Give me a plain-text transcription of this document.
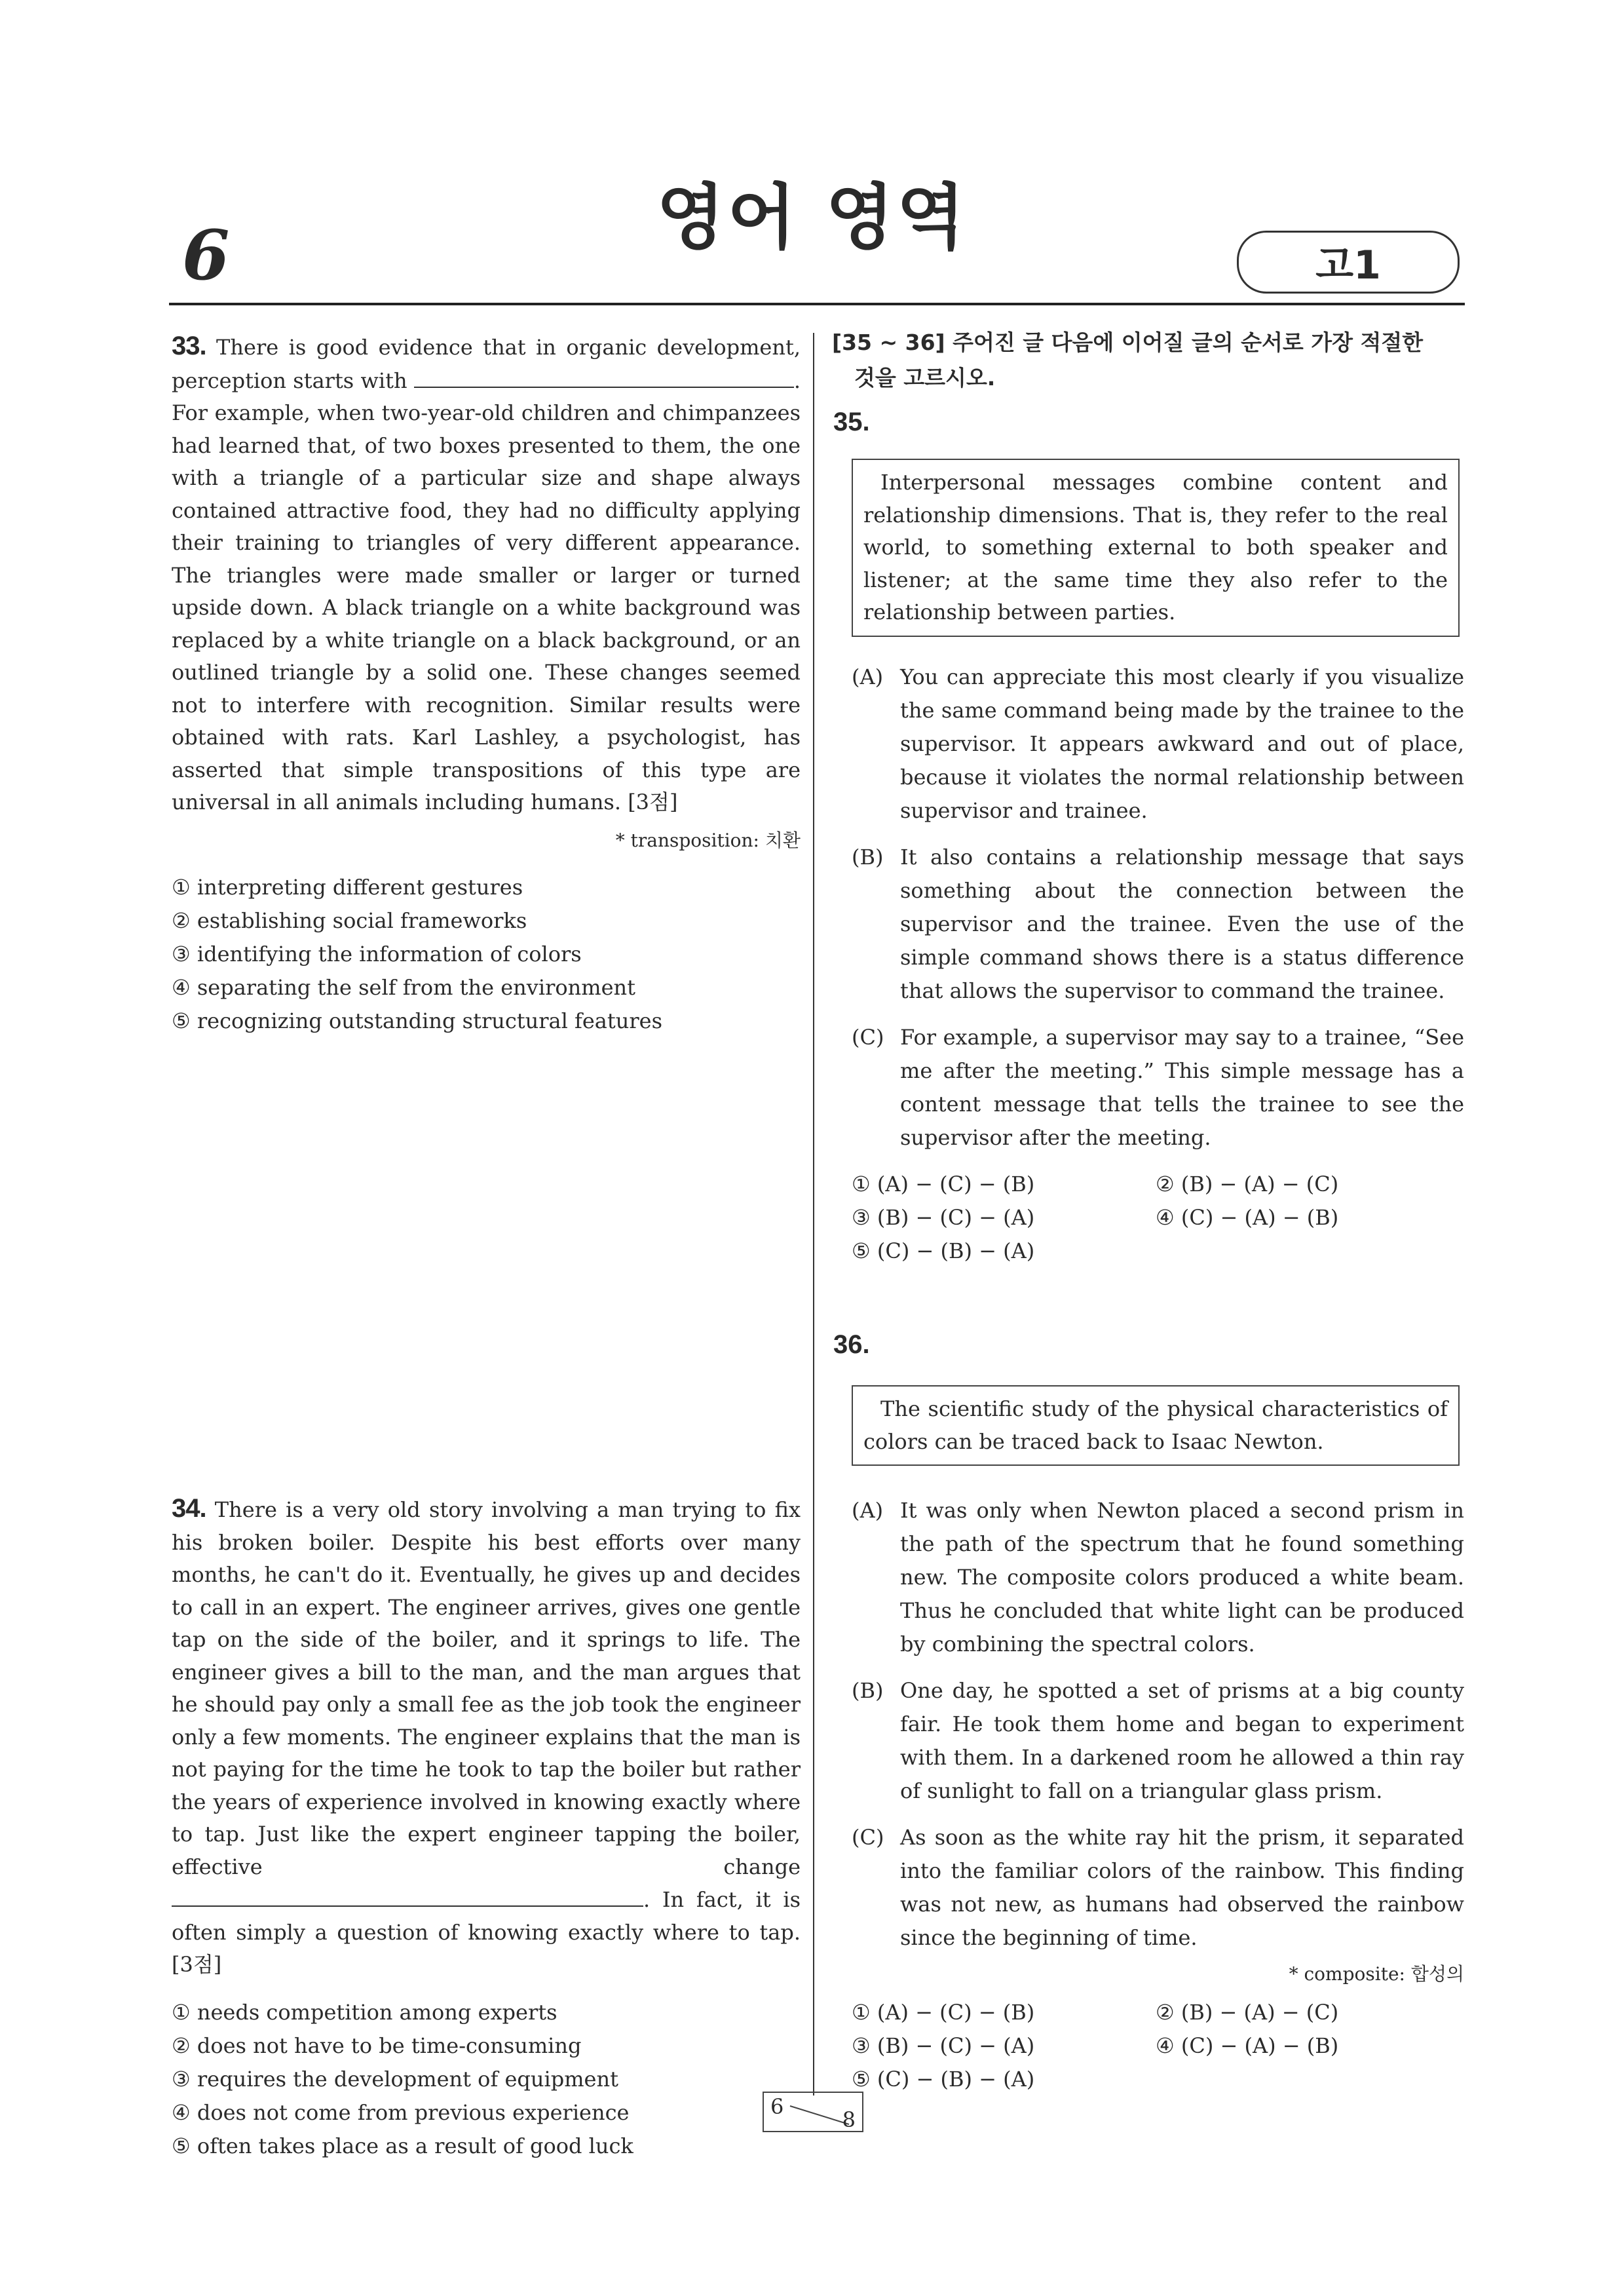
6	영어 영역
고1

33. There is good evidence that in organic development, perception starts with	. For example, when two-year-old children and chimpanzees had learned that, of two boxes presented to them, the one with a triangle of a particular size and shape always contained attractive food, they had no difficulty applying their training to triangles of very different appearance. The triangles were made smaller or larger or turned upside down. A black triangle on a white background was replaced by a white triangle on a black background, or an outlined triangle by a solid one. These changes seemed not to interfere with recognition. Similar results were obtained with rats. Karl Lashley, a psychologist, has asserted that simple transpositions of this type are universal in all animals including humans. [3점]

* transposition: 치환
① interpreting different gestures
② establishing social frameworks
③ identifying the information of colors
④ separating the self from the environment
⑤ recognizing outstanding structural features

34. There is a very old story involving a man trying to fix his broken boiler. Despite his best efforts over many months, he can't do it. Eventually, he gives up and decides to call in an expert. The engineer arrives, gives one gentle tap on the side of the boiler, and it springs to life. The engineer gives a bill to the man, and the man argues that he should pay only a small fee as the job took the engineer only a few moments. The engineer explains that the man is not paying for the time he took to tap the boiler but rather the years of experience involved in knowing exactly where to tap. Just like the expert engineer tapping the boiler, effective change . In fact, it is often simply a question of knowing exactly where to tap. [3점]

① needs competition among experts
② does not have to be time-consuming
③ requires the development of equipment
④ does not come from previous experience
⑤ often takes place as a result of good luck
[35 ~ 36] 주어진 글 다음에 이어질 글의 순서로 가장 적절한
것을 고르시오.
35.

Interpersonal messages combine content and relationship dimensions. That is, they refer to the real world, to something external to both speaker and listener; at the same time they also refer to the relationship between parties.

(A) You can appreciate this most clearly if you visualize the same command being made by the trainee to the supervisor. It appears awkward and out of place, because it violates the normal relationship between supervisor and trainee.
(B) It also contains a relationship message that says something about the connection between the supervisor and the trainee. Even the use of the simple command shows there is a status difference that allows the supervisor to command the trainee.
(C) For example, a supervisor may say to a trainee, “See me after the meeting.” This simple message has a content message that tells the trainee to see the supervisor after the meeting.
① (A) − (C) − (B)	② (B) − (A) − (C)
③ (B) − (C) − (A)	④ (C) − (A) − (B)
⑤ (C) − (B) − (A)
36.

The scientific study of the physical characteristics of colors can be traced back to Isaac Newton.

(A) It was only when Newton placed a second prism in the path of the spectrum that he found something new. The composite colors produced a white beam. Thus he concluded that white light can be produced by combining the spectral colors.
(B) One day, he spotted a set of prisms at a big county fair. He took them home and began to experiment with them. In a darkened room he allowed a thin ray of sunlight to fall on a triangular glass prism.
(C) As soon as the white ray hit the prism, it separated into the familiar colors of the rainbow. This finding was not new, as humans had observed the rainbow since the beginning of time.
* composite: 합성의
① (A) − (C) − (B)	② (B) − (A) − (C)
③ (B) − (C) − (A)	④ (C) − (A) − (B)
⑤ (C) − (B) − (A)
6
8
